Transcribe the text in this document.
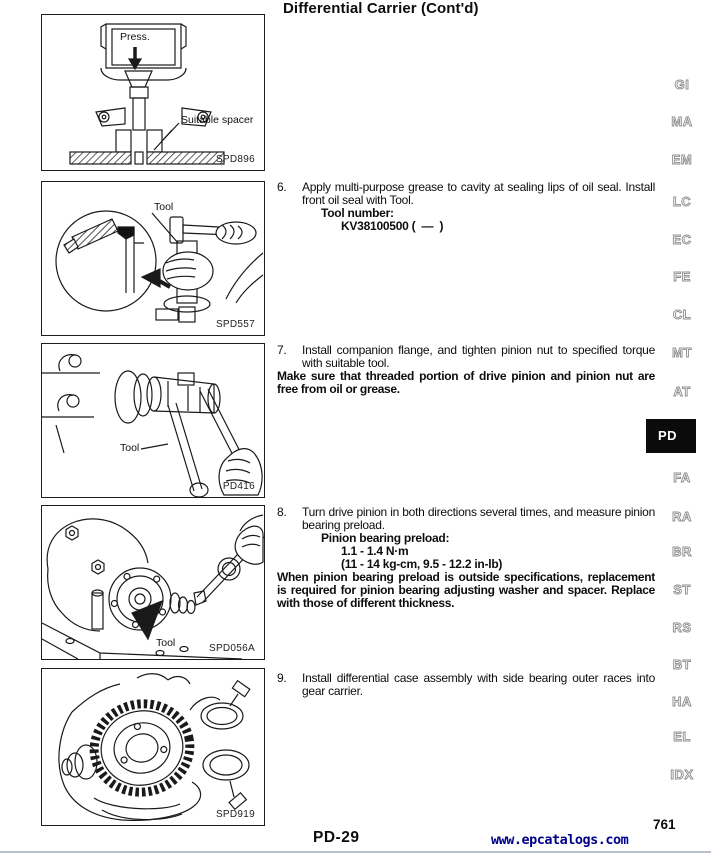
Differential Carrier (Cont'd)
Press.
Suitable spacer
SPD896
Tool
SPD557
Tool
PD416
Tool	SPD056A
SPD919
6.	Apply multi-purpose grease to cavity at sealing lips of oil seal. Install front oil seal with Tool.
Tool number:
KV38100500 (  —  )
7.	Install companion flange, and tighten pinion nut to specified torque with suitable tool.
Make sure that threaded portion of drive pinion and pinion nut are free from oil or grease.
8.	Turn drive pinion in both directions several times, and measure pinion bearing preload.
Pinion bearing preload:
1.1 - 1.4 N·m
(11 - 14 kg-cm, 9.5 - 12.2 in-lb)
When pinion bearing preload is outside specifications, replacement is required for pinion bearing adjusting washer and spacer. Replace with those of different thickness.
9.	Install differential case assembly with side bearing outer races into gear carrier.
GI
MA
EM
LC
EC
FE
CL
MT
AT
PD
FA
RA
BR
ST
RS
BT
HA
EL
IDX
761
PD-29	www.epcatalogs.com
